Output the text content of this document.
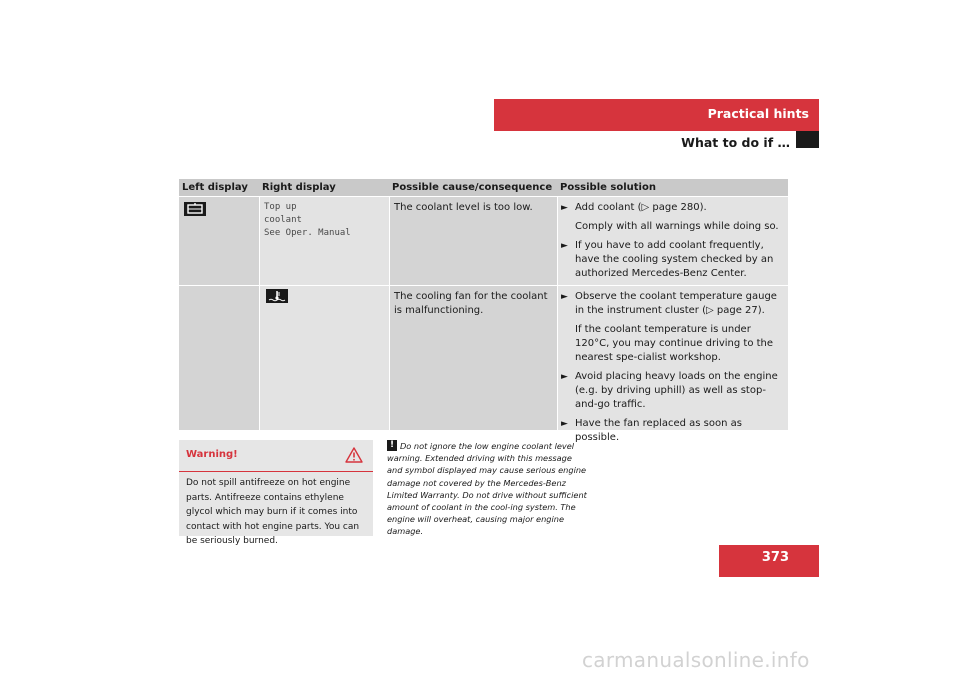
Practical hints
What to do if …
Left display Right display	Possible cause/consequence Possible solution
Top up
coolant
See Oper. Manual
The coolant level is too low.	► Add coolant (▷ page 280).
Comply with all warnings while doing so.
► If you have to add coolant frequently, have the cooling system checked by an authorized Mercedes-Benz Center.
The cooling fan for the coolant is malfunctioning.
► Observe the coolant temperature gauge in the instrument cluster (▷ page 27).
If the coolant temperature is under 120°C, you may continue driving to the nearest spe-cialist workshop.
► Avoid placing heavy loads on the engine (e.g. by driving uphill) as well as stop-and-go traffic.
► Have the fan replaced as soon as possible.
Warning!
Do not spill antifreeze on hot engine parts. Antifreeze contains ethylene glycol which may burn if it comes into contact with hot engine parts. You can be seriously burned.
! Do not ignore the low engine coolant level warning. Extended driving with this message and symbol displayed may cause serious engine damage not covered by the Mercedes-Benz Limited Warranty. Do not drive without sufficient amount of coolant in the cool-ing system. The engine will overheat, causing major engine damage.
373
carmanualsonline.info
